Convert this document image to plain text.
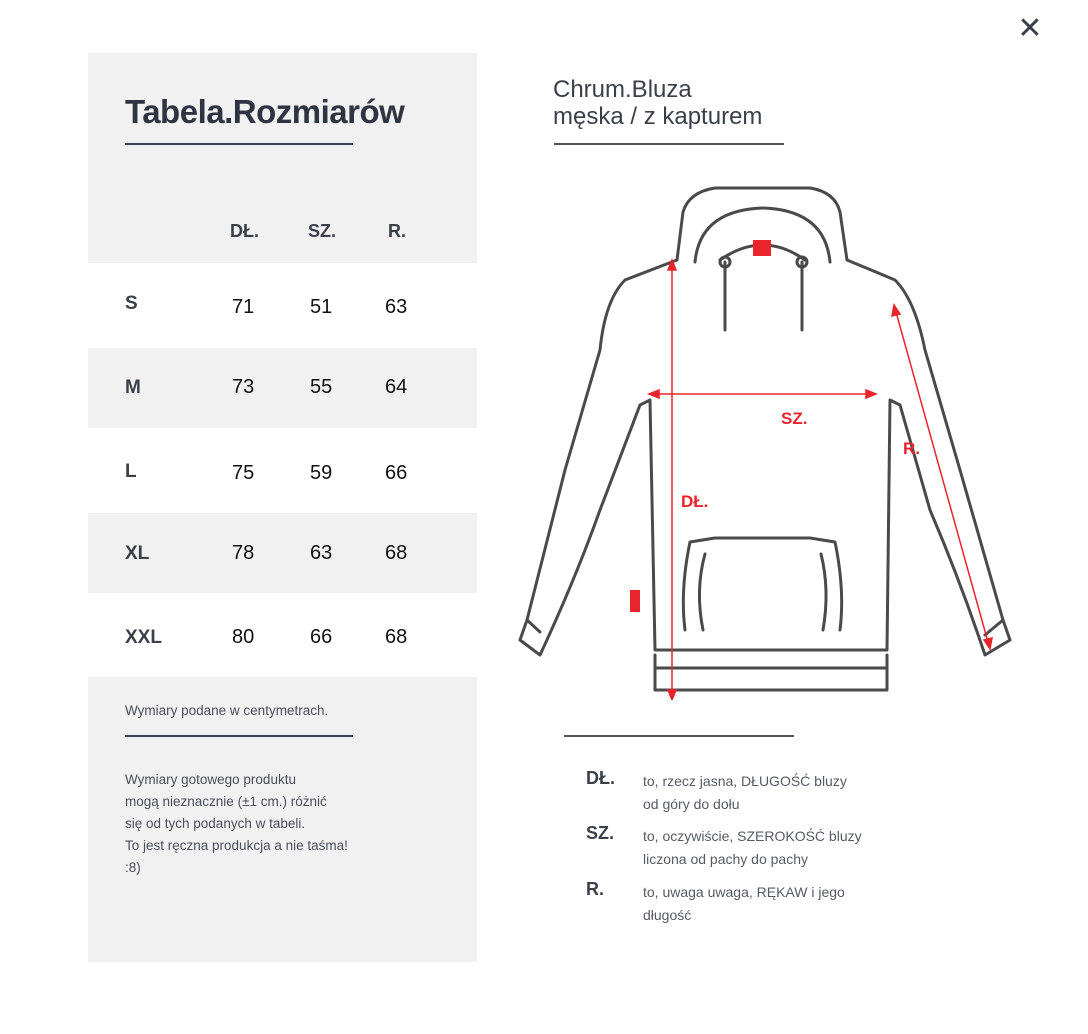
✕
Tabela.Rozmiarów
DŁ.	SZ.	R.
S	71	51	63
M	73	55	64
L	75	59	66
XL	78	63	68
XXL	80	66	68
Wymiary podane w centymetrach.
Wymiary gotowego produktu
mogą nieznacznie (±1 cm.) różnić
się od tych podanych w tabeli.
To jest ręczna produkcja a nie taśma!
:8)
Chrum.Bluza
męska / z kapturem
DŁ.
SZ.
R.
DŁ. to, rzecz jasna, DŁUGOŚĆ bluzy
od góry do dołu
SZ. to, oczywiście, SZEROKOŚĆ bluzy
liczona od pachy do pachy
R.	to, uwaga uwaga, RĘKAW i jego
długość
